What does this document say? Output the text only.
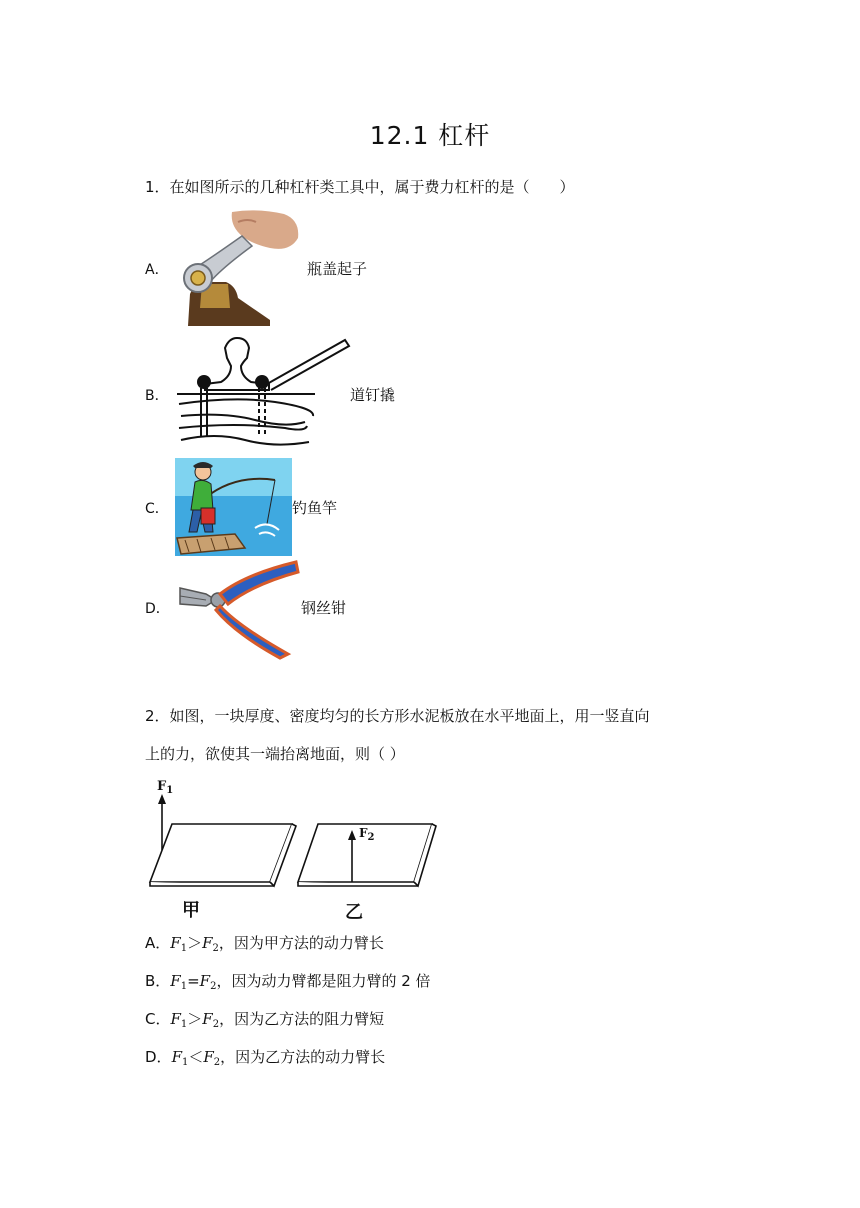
12.1 杠杆
1．在如图所示的几种杠杆类工具中，属于费力杠杆的是（　　）
A．	瓶盖起子
B．	道钉撬
C．	钓鱼竿
D．	钢丝钳
2．如图，一块厚度、密度均匀的长方形水泥板放在水平地面上，用一竖直向
上的力，欲使其一端抬离地面，则（ ）
$F_1$
$F_2$
甲	乙
A．$F_1>F_2$，因为甲方法的动力臂长
B．$F_1=F_2$，因为动力臂都是阻力臂的 2 倍
C．$F_1>F_2$，因为乙方法的阻力臂短
D．$F_1<F_2$，因为乙方法的动力臂长
